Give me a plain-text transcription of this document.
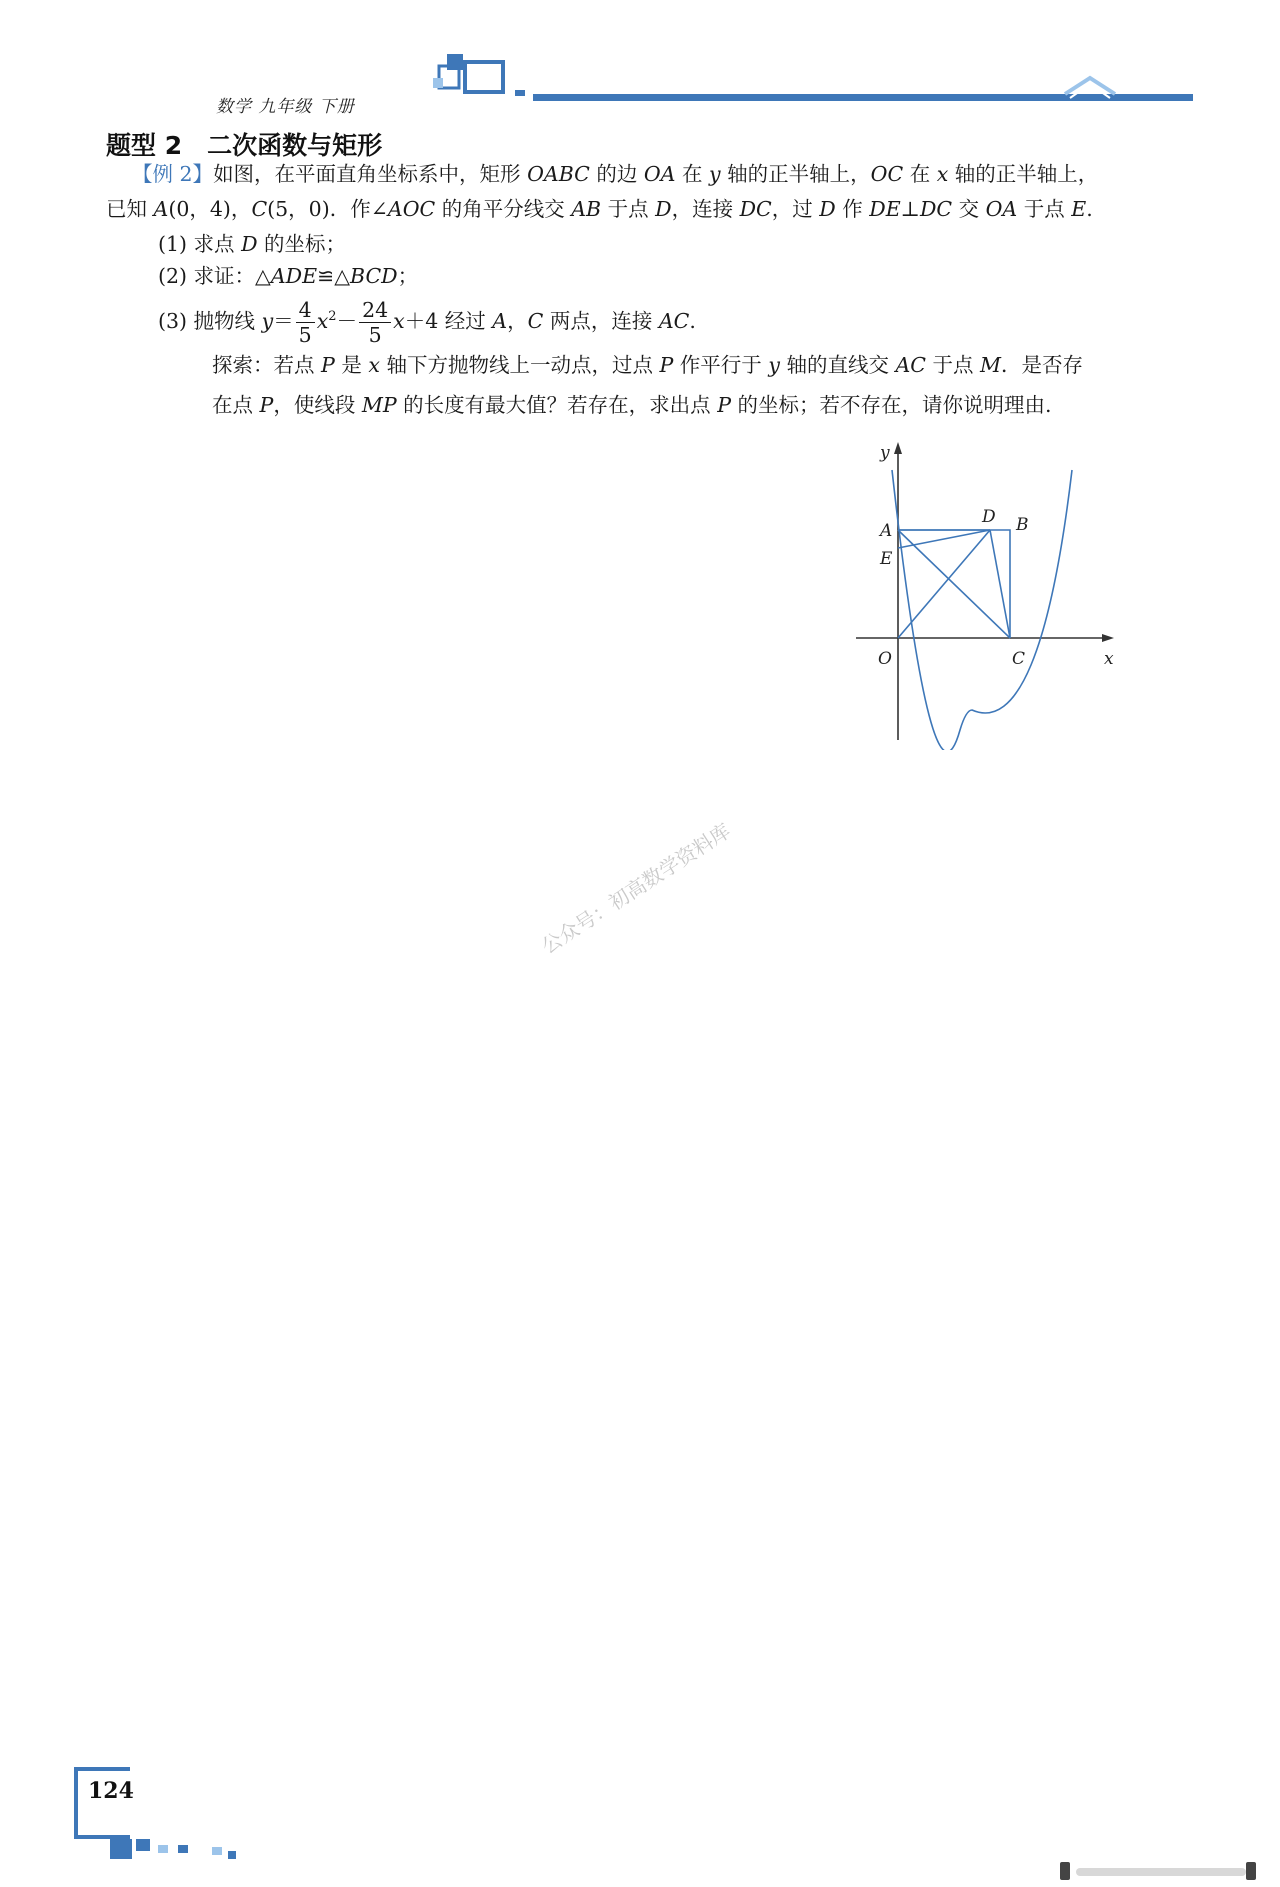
数学 九年级 下册
题型 2　二次函数与矩形
【例 2】如图，在平面直角坐标系中，矩形 OABC 的边 OA 在 y 轴的正半轴上，OC 在 x 轴的正半轴上，
已知 A(0，4)，C(5，0)．作∠AOC 的角平分线交 AB 于点 D，连接 DC，过 D 作 DE⊥DC 交 OA 于点 E.
(1) 求点 D 的坐标；
(2) 求证：△ADE≌△BCD；
(3) 抛物线 $y= \frac{4}{5} x^2- \frac{24}{5} x+4$ 经过 A，C 两点，连接 AC.
探索：若点 P 是 x 轴下方抛物线上一动点，过点 P 作平行于 y 轴的直线交 AC 于点 M．是否存
在点 P，使线段 MP 的长度有最大值？若存在，求出点 P 的坐标；若不存在，请你说明理由.
y
x
A
D B
E
O	C
公众号：初高数学资料库
124
